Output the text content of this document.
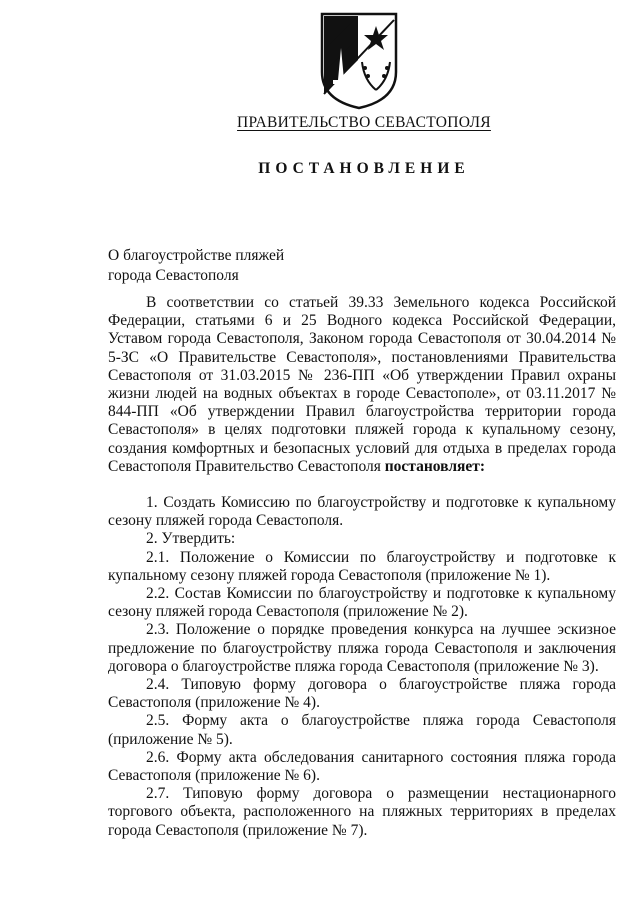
ПРАВИТЕЛЬСТВО СЕВАСТОПОЛЯ
ПОСТАНОВЛЕНИЕ
О благоустройстве пляжей
города Севастополя

В соответствии со статьей 39.33 Земельного кодекса Российской Федерации, статьями 6 и 25 Водного кодекса Российской Федерации, Уставом города Севастополя, Законом города Севастополя от 30.04.2014 № 5-ЗС «О Правительстве Севастополя», постановлениями Правительства Севастополя от 31.03.2015 № 236-ПП «Об утверждении Правил охраны жизни людей на водных объектах в городе Севастополе», от 03.11.2017 № 844-ПП «Об утверждении Правил благоустройства территории города Севастополя» в целях подготовки пляжей города к купальному сезону, создания комфортных и безопасных условий для отдыха в пределах города Севастополя Правительство Севастополя постановляет:

1. Создать Комиссию по благоустройству и подготовке к купальному сезону пляжей города Севастополя.

2. Утвердить:

2.1. Положение о Комиссии по благоустройству и подготовке к купальному сезону пляжей города Севастополя (приложение № 1).

2.2. Состав Комиссии по благоустройству и подготовке к купальному сезону пляжей города Севастополя (приложение № 2).

2.3. Положение о порядке проведения конкурса на лучшее эскизное предложение по благоустройству пляжа города Севастополя и заключения договора о благоустройстве пляжа города Севастополя (приложение № 3).

2.4. Типовую форму договора о благоустройстве пляжа города Севастополя (приложение № 4).

2.5. Форму акта о благоустройстве пляжа города Севастополя (приложение № 5).

2.6. Форму акта обследования санитарного состояния пляжа города Севастополя (приложение № 6).

2.7. Типовую форму договора о размещении нестационарного торгового объекта, расположенного на пляжных территориях в пределах города Севастополя (приложение № 7).
